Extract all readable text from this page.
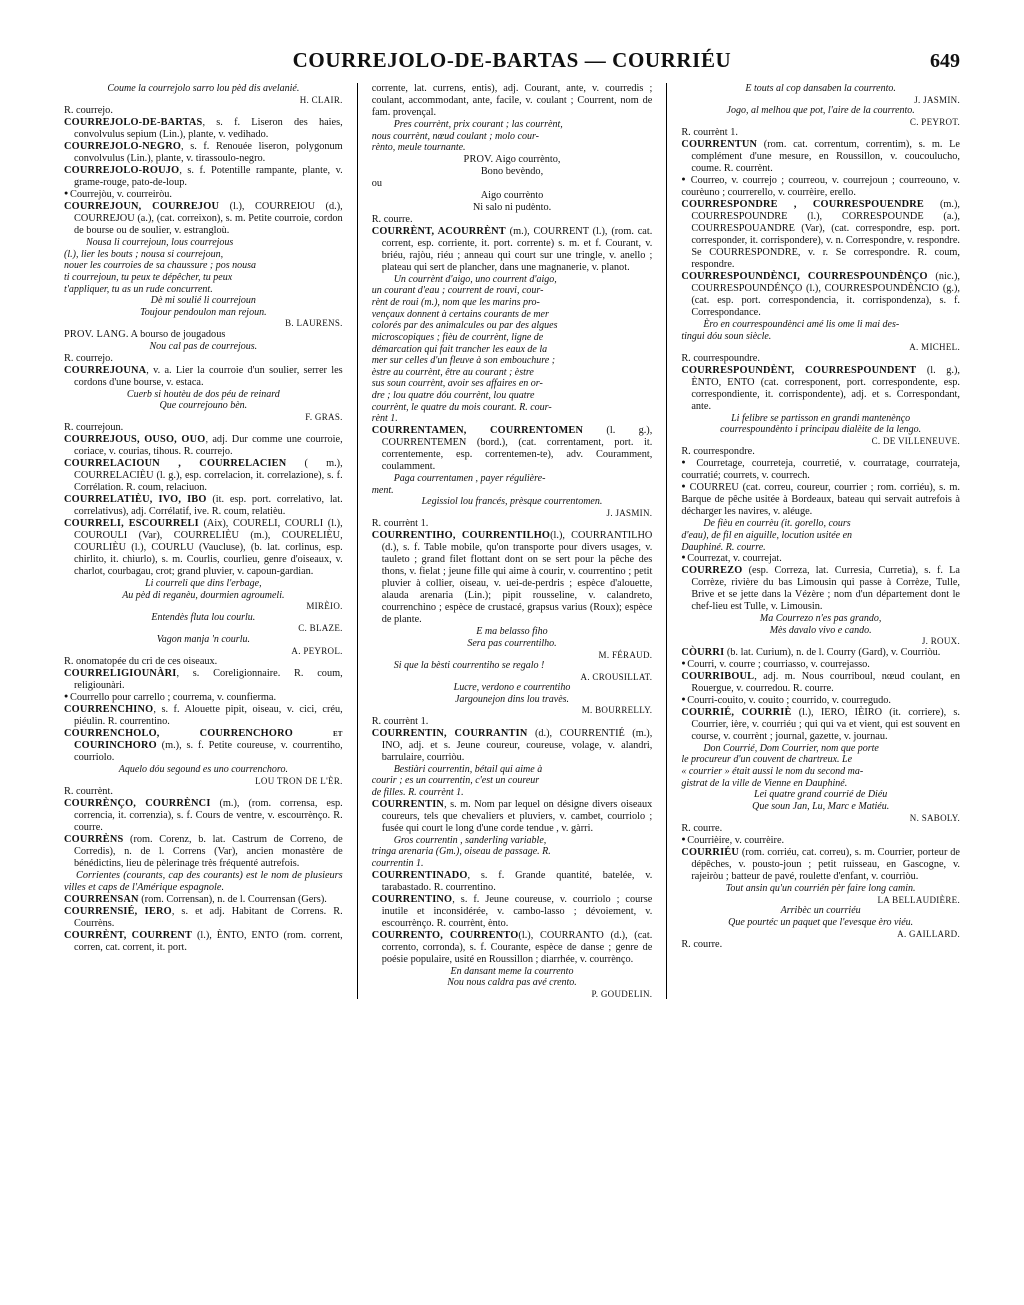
COURREJOLO-DE-BARTAS — COURRIÉU	649

Coume la courrejolo sarro lou pèd dis avelanié.

H. CLAIR.

R. courrejo.

COURREJOLO-DE-BARTAS, s. f. Liseron des haies, convolvulus sepium (Lin.), plante, v. vedihado.

COURREJOLO-NEGRO, s. f. Renouée liseron, polygonum convolvulus (Lin.), plante, v. tirassoulo-negro.

COURREJOLO-ROUJO, s. f. Potentille rampante, plante, v. grame-rouge, pato-de-loup.

● Courrejòu, v. courreiròu.

COURREJOUN, COURREJOU (l.), COURREIOU (d.), COURREJOU (a.), (cat. correixon), s. m. Petite courroie, cordon de bourse ou de soulier, v. estrangloù.

Nousa li courrejoun, lous courrejous
(l.), lier les bouts ; nousa si courrejoun,
nouer les courroies de sa chaussure ; pos nousa
ti courrejoun, tu peux te dépêcher, tu peux
t'appliquer, tu as un rude concurrent.

Dè mi soulié li courrejoun

Toujour pendoulon man rejoun.

B. LAURENS.

PROV. LANG. A bourso de jougadous

Nou cal pas de courrejous.

R. courrejo.

COURREJOUNA, v. a. Lier la courroie d'un soulier, serrer les cordons d'une bourse, v. estaca.

Cuerb si houtèu de dos péu de reinard

Que courrejouno bèn.

F. GRAS.

R. courrejoun.

COURREJOUS, OUSO, OUO, adj. Dur comme une courroie, coriace, v. courias, tihous. R. courrejo.

COURRELACIOUN , COURRELACIEN ( m.), COURRELACIÈU (l. g.), esp. correlacion, it. correlazione), s. f. Corrélation. R. coum, relaciuon.

COURRELATIÈU, IVO, IBO (it. esp. port. correlativo, lat. correlativus), adj. Corrélatif, ive. R. coum, relatièu.

COURRELI, ESCOURRELI (Aix), COURELI, COURLI (l.), COUROULI (Var), COURRELIÈU (m.), COURELIÈU, COURLIÈU (l.), COURLU (Vaucluse), (b. lat. corlinus, esp. chirlito, it. chiurlo), s. m. Courlis, courlieu, genre d'oiseaux, v. charlot, courbagau, crot; grand pluvier, v. capoun-gardian.

Li courreli que dins l'erbage,

Au pèd di reganèu, dourmien agroumeli.

MIRÈIO.

Entendès fluta lou courlu.

C. BLAZE.

Vagon manja 'n courlu.

A. PEYROL.

R. onomatopée du cri de ces oiseaux.

COURRELIGIOUNÀRI, s. Coreligionnaire. R. coum, religiounàri.

● Courrello pour carrello ; courrema, v. counfierma.

COURRENCHINO, s. f. Alouette pipit, oiseau, v. cici, créu, piéulin. R. courrentino.

COURRENCHOLO, COURRENCHORO et COURINCHORO (m.), s. f. Petite coureuse, v. courrentiho, courriolo.

Aquelo dóu segound es uno courrenchoro.

LOU TRON DE L'ÈR.

R. courrènt.

COURRÈNÇO, COURRÈNCI (m.), (rom. corrensa, esp. correncia, it. correnzia), s. f. Cours de ventre, v. escourrènço. R. courre.

COURRÈNS (rom. Corenz, b. lat. Castrum de Correno, de Corredis), n. de l. Correns (Var), ancien monastère de bénédictins, lieu de pèlerinage très fréquenté autrefois.

Corrientes (courants, cap des courants) est le nom de plusieurs villes et caps de l'Amérique espagnole.

COURRENSAN (rom. Corrensan), n. de l. Courrensan (Gers).

COURRENSIÉ, IERO, s. et adj. Habitant de Correns. R. Courrèns.

COURRÈNT, COURRENT (l.), ÈNTO, ENTO (rom. corrent, corren, cat. corrent, it. port.

corrente, lat. currens, entis), adj. Courant, ante, v. courredis ; coulant, accommodant, ante, facile, v. coulant ; Courrent, nom de fam. provençal.

Pres courrènt, prix courant ; las courrènt,
nous courrènt, nœud coulant ; molo cour-
rènto, meule tournante.

PROV. Aigo courrènto,

Bono bevèndo,

ou

Aigo courrènto

Ni salo ni pudènto.

R. courre.

COURRÈNT, ACOURRÈNT (m.), COURRENT (l.), (rom. cat. corrent, esp. corriente, it. port. corrente) s. m. et f. Courant, v. briéu, rajòu, riéu ; anneau qui court sur une tringle, v. anello ; plateau qui sert de plancher, dans une magnanerie, v. planot.

Un courrènt d'aigo, uno courrent d'aigo,
un courant d'eau ; courrent de rouvi, cour-
rènt de roui (m.), nom que les marins pro-
vençaux donnent à certains courants de mer
colorés par des animalcules ou par des algues
microscopiques ; fièu de courrènt, ligne de
démarcation qui fait trancher les eaux de la
mer sur celles d'un fleuve à son embouchure ;
èstre au courrènt, être au courant ; èstre
sus soun courrènt, avoir ses affaires en or-
dre ; lou quatre dóu courrènt, lou quatre
courrènt, le quatre du mois courant. R. cour-
rènt 1.

COURRENTAMEN, COURRENTOMEN (l. g.), COURRENTEMEN (bord.), (cat. correntament, port. it. correntemente, esp. correntemen-te), adv. Couramment, coulamment.

Paga courrentamen , payer régulière-
ment.

Legissiol lou francés, prèsque courrentomen.

J. JASMIN.

R. courrènt 1.

COURRENTIHO, COURRENTILHO(l.), COURRANTILHO (d.), s. f. Table mobile, qu'on transporte pour divers usages, v. tauleto ; grand filet flottant dont on se sert pour la pêche des thons, v. fielat ; jeune fille qui aime à courir, v. courrentino ; petit pluvier à collier, oiseau, v. uei-de-perdris ; espèce d'alouette, alauda arenaria (Lin.); pipit rousseline, v. calandreto, courrenchino ; espèce de crustacé, grapsus varius (Roux); espèce de plante.

E ma belasso fiho

Sera pas courrentilho.

M. FÉRAUD.

Si que la bèsti courrentiho se regalo !

A. CROUSILLAT.

Lucre, verdono e courrentiho

Jargounejon dins lou travès.

M. BOURRELLY.

R. courrènt 1.

COURRENTIN, COURRANTIN (d.), COURRENTIÉ (m.), INO, adj. et s. Jeune coureur, coureuse, volage, v. alandri, barrulaire, courriòu.

Bestiàri courrentin, bétail qui aime à
courir ; es un courrentin, c'est un coureur
de filles. R. courrènt 1.

COURRENTIN, s. m. Nom par lequel on désigne divers oiseaux coureurs, tels que chevaliers et pluviers, v. cambet, courriolo ; fusée qui court le long d'une corde tendue , v. gàrri.

Gros courrentin , sanderling variable,
tringa arenaria (Gm.), oiseau de passage. R.
courrentin 1.

COURRENTINADO, s. f. Grande quantité, batelée, v. tarabastado. R. courrentino.

COURRENTINO, s. f. Jeune coureuse, v. courriolo ; course inutile et inconsidérée, v. cambo-lasso ; dévoiement, v. escourrènço. R. courrènt, ènto.

COURRENTO, COURRENTO(l.), COURRANTO (d.), (cat. corrento, corronda), s. f. Courante, espèce de danse ; genre de poésie populaire, usité en Roussillon ; diarrhée, v. courrènço.

En dansant meme la courrento

Nou nous caldra pas avé crento.

P. GOUDELIN.

E touts al cop dansaben la courrento.

J. JASMIN.

Jogo, al melhou que pot, l'aire de la courrento.

C. PEYROT.

R. courrènt 1.

COURRENTUN (rom. cat. correntum, correntim), s. m. Le complément d'une mesure, en Roussillon, v. coucoulucho, coume. R. courrènt.

● Courreo, v. courrejo ; courreou, v. courrejoun ; courreouno, v. courèuno ; courrerello, v. courrèire, erello.

COURRESPONDRE , COURRESPOUENDRE (m.), COURRESPOUNDRE (l.), CORRESPOUNDE (a.), COURRESPOUANDRE (Var), (cat. correspondre, esp. port. corresponder, it. corrispondere), v. n. Correspondre, v. respondre. Se COURRESPONDRE, v. r. Se correspondre. R. coum, respondre.

COURRESPOUNDÈNCI, COURRESPOUNDÈNÇO (nic.), COURRESPOUNDÉNÇO (l.), COURRESPOUNDÈNCIO (g.), (cat. esp. port. correspondencia, it. corrispondenza), s. f. Correspondance.

Èro en courrespoundènci amé lis ome li mai des-
tingui dóu soun siècle.

A. MICHEL.

R. courrespoundre.

COURRESPOUNDÈNT, COURRESPOUNDENT (l. g.), ÈNTO, ENTO (cat. corresponent, port. correspondente, esp. correspondiente, it. corrispondente), adj. et s. Correspondant, ante.

Li felibre se partisson en grandi mantenènço

courrespoundènto i principau dialèite de la lengo.

C. DE VILLENEUVE.

R. courrespondre.

● Courretage, courreteja, courretié, v. courratage, courrateja, courratié; courrets, v. courrech.

● COURREU (cat. correu, coureur, courrier ; rom. corriéu), s. m. Barque de pêche usitée à Bordeaux, bateau qui servait autrefois à décharger les navires, v. aléuge.

De fièu en courrèu (it. gorello, cours
d'eau), de fil en aiguille, locution usitée en
Dauphiné. R. courre.

● Courrezat, v. courrejat.

COURREZO (esp. Correza, lat. Curresia, Curretia), s. f. La Corrèze, rivière du bas Limousin qui passe à Corrèze, Tulle, Brive et se jette dans la Vézère ; nom d'un département dont le chef-lieu est Tulle, v. Limousin.

Ma Courrezo n'es pas grando,

Mès davalo vivo e cando.

J. ROUX.

CÒURRI (b. lat. Curium), n. de l. Courry (Gard), v. Courriòu.

● Courri, v. courre ; courriasso, v. courrejasso.

COURRIBOUL, adj. m. Nous courriboul, nœud coulant, en Rouergue, v. courredou. R. courre.

● Courri-couito, v. couito ; courrido, v. courregudo.

COURRIÉ, COURRIÈ (l.), IERO, IÈIRO (it. corriere), s. Courrier, ière, v. courriéu ; qui qui va et vient, qui est souvent en course, v. courrènt ; journal, gazette, v. journau.

Don Courrié, Dom Courrier, nom que porte
le procureur d'un couvent de chartreux. Le
« courrier » était aussi le nom du second ma-
gistrat de la ville de Vienne en Dauphiné.

Lei quatre grand courrié de Diéu

Que soun Jan, Lu, Marc e Matiéu.

N. SABOLY.

R. courre.

● Courrièire, v. courrèire.

COURRIÉU (rom. corriéu, cat. correu), s. m. Courrier, porteur de dépêches, v. pousto-joun ; petit ruisseau, en Gascogne, v. rajeiròu ; batteur de pavé, roulette d'enfant, v. courriòu.

Tout ansin qu'un courrién pèr faire long camin.

LA BELLAUDIÈRE.

Arribèc un courriéu

Que pourtéc un paquet que l'evesque èro viéu.

A. GAILLARD.

R. courre.
